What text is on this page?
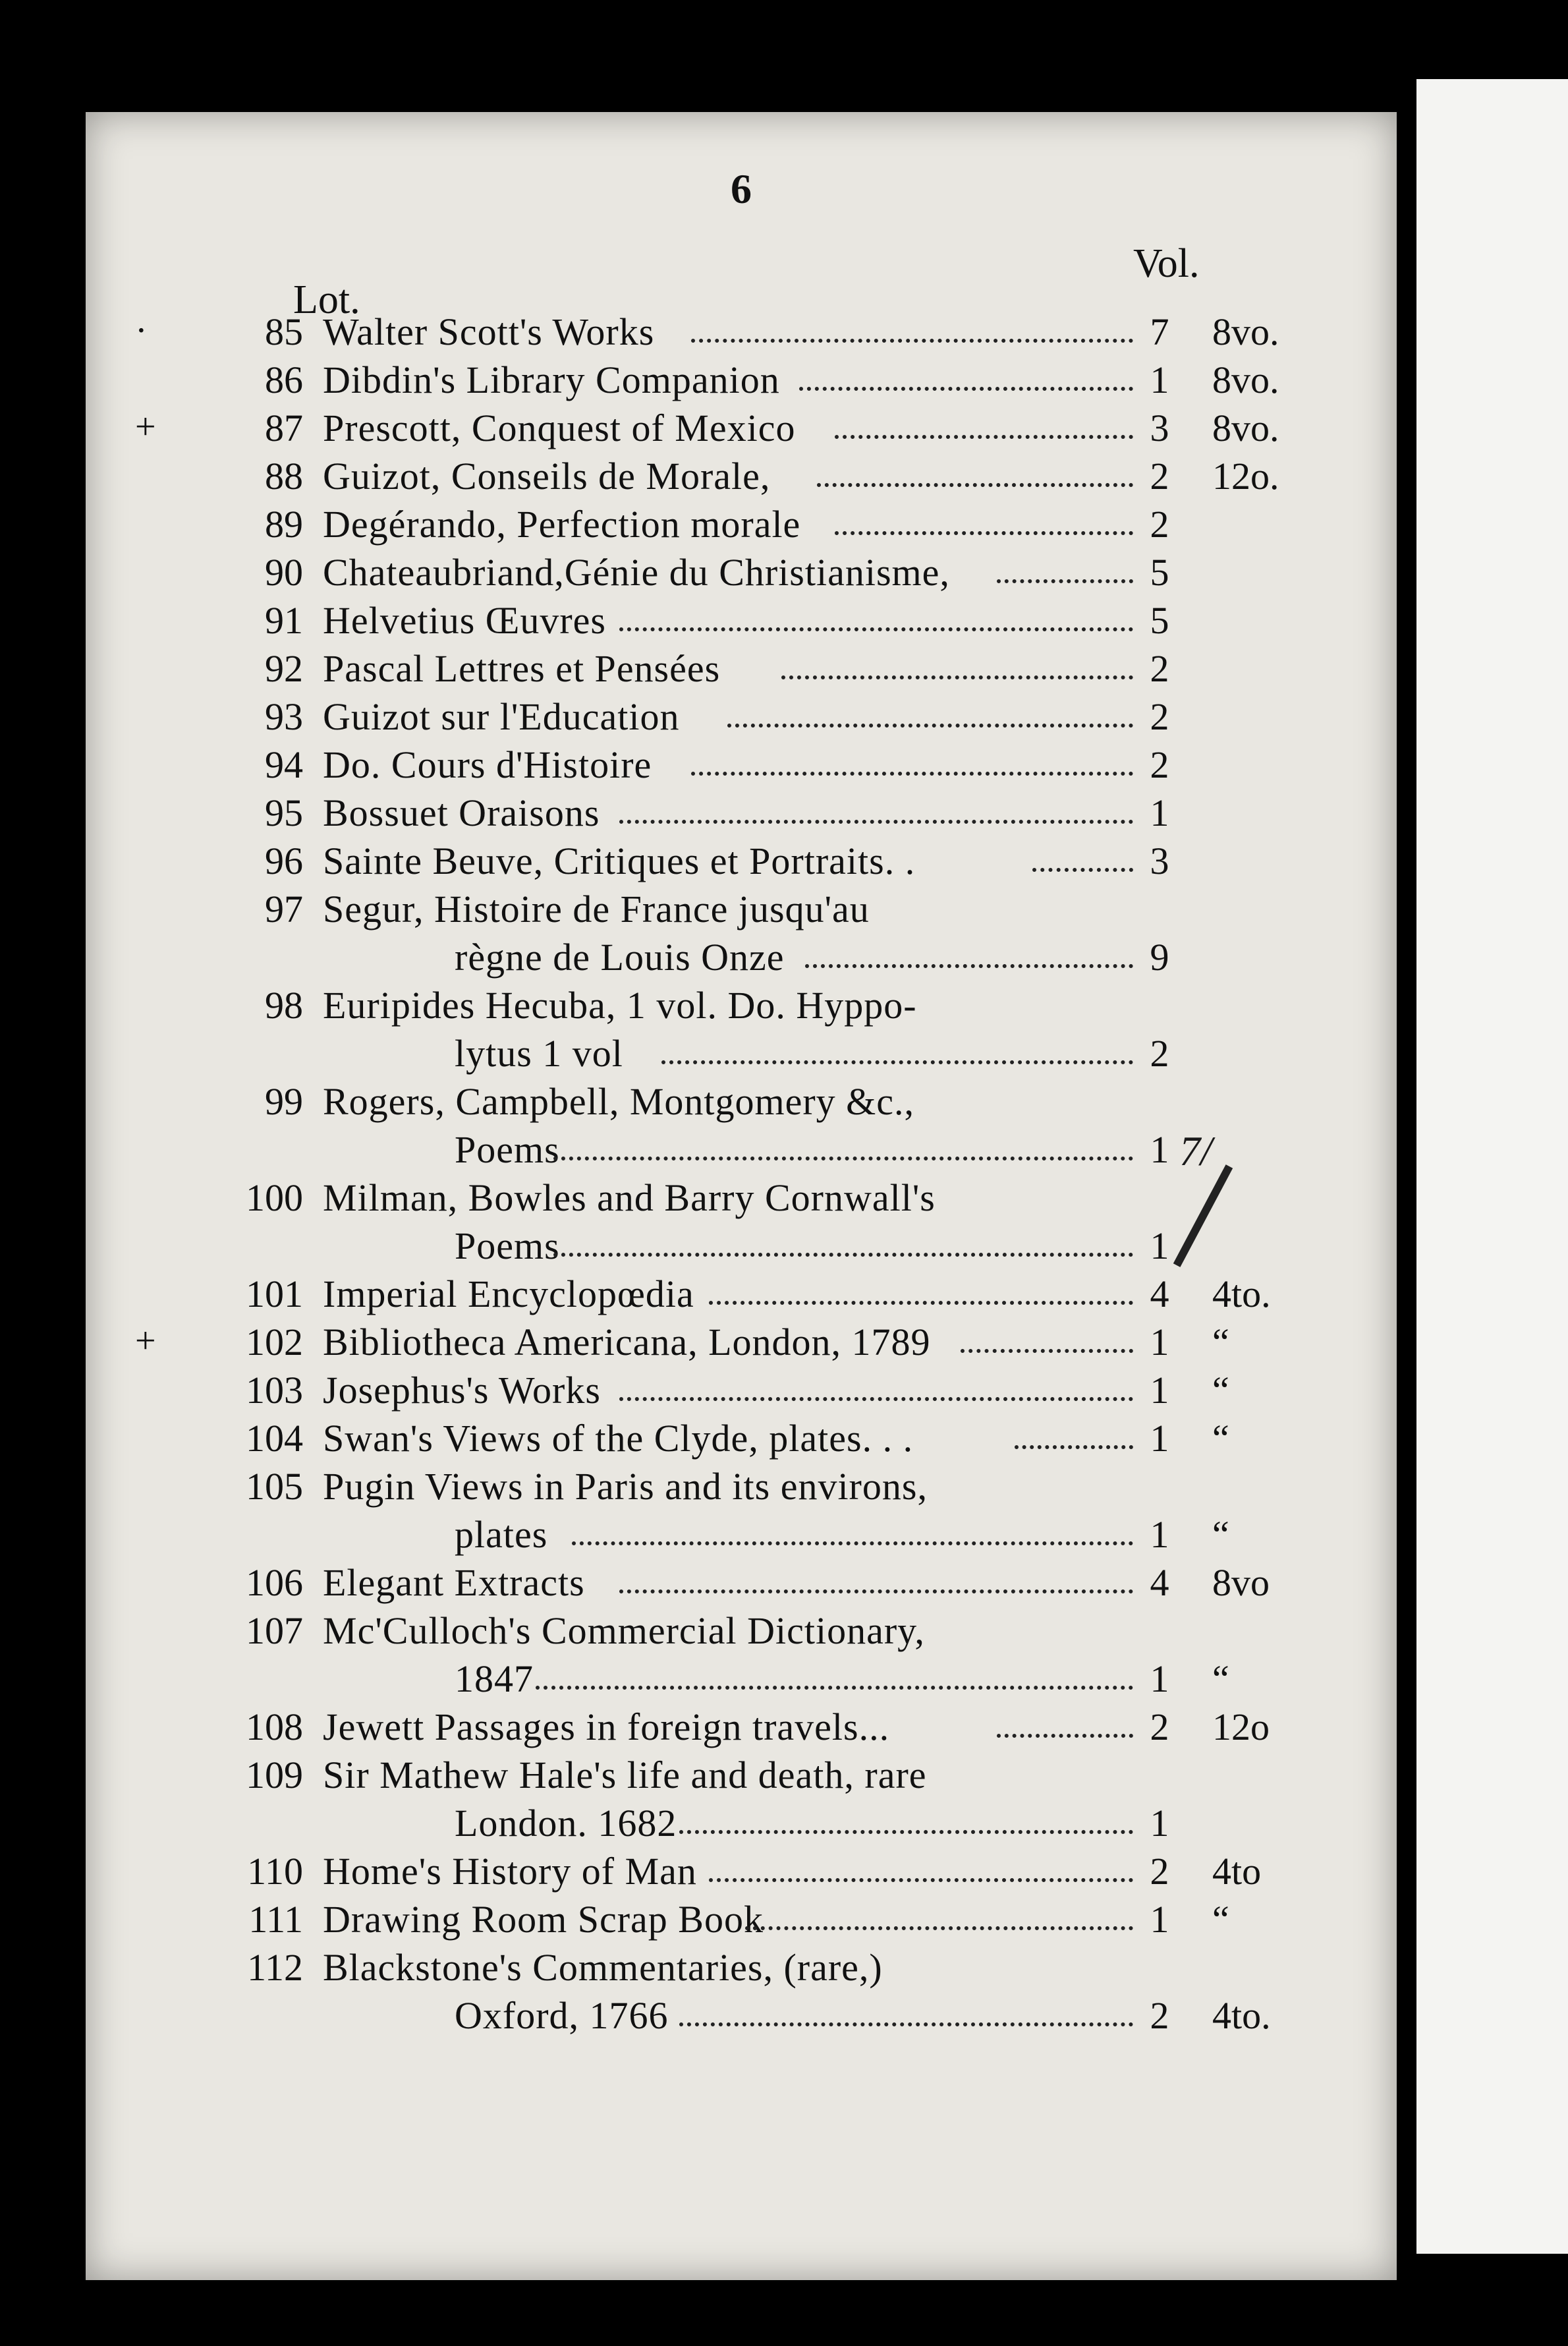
6
Vol.
Lot.
·	85 Walter Scott's Works	7 8vo.
86 Dibdin's Library Companion	1 8vo.
+	87 Prescott, Conquest of Mexico	3 8vo.
88 Guizot, Conseils de Morale,	2 12o.
89 Degérando, Perfection morale	2
90 Chateaubriand,Génie du Christianisme,	5
91 Helvetius Œuvres	5
92 Pascal Lettres et Pensées	2
93 Guizot sur l'Education	2
94 Do. Cours d'Histoire	2
95 Bossuet Oraisons	1
96 Sainte Beuve, Critiques et Portraits. .	3
97 Segur, Histoire de France jusqu'au
règne de Louis Onze	9
98 Euripides Hecuba, 1 vol. Do. Hyppo-
lytus 1 vol	2
99 Rogers, Campbell, Montgomery &c.,
Poems	1
100 Milman, Bowles and Barry Cornwall's
Poems	1
101 Imperial Encyclopœdia	4 4to.
+	102 Bibliotheca Americana, London, 1789	1 “
103 Josephus's Works	1 “
104 Swan's Views of the Clyde, plates. . .	1 “
105 Pugin Views in Paris and its environs,
plates	1 “
106 Elegant Extracts	4 8vo
107 Mc'Culloch's Commercial Dictionary,
1847	1 “
108 Jewett Passages in foreign travels...	2 12o
109 Sir Mathew Hale's life and death, rare
London. 1682	1
110 Home's History of Man	2 4to
111 Drawing Room Scrap Book	1 “
112 Blackstone's Commentaries, (rare,)
Oxford, 1766	2 4to.
7/
